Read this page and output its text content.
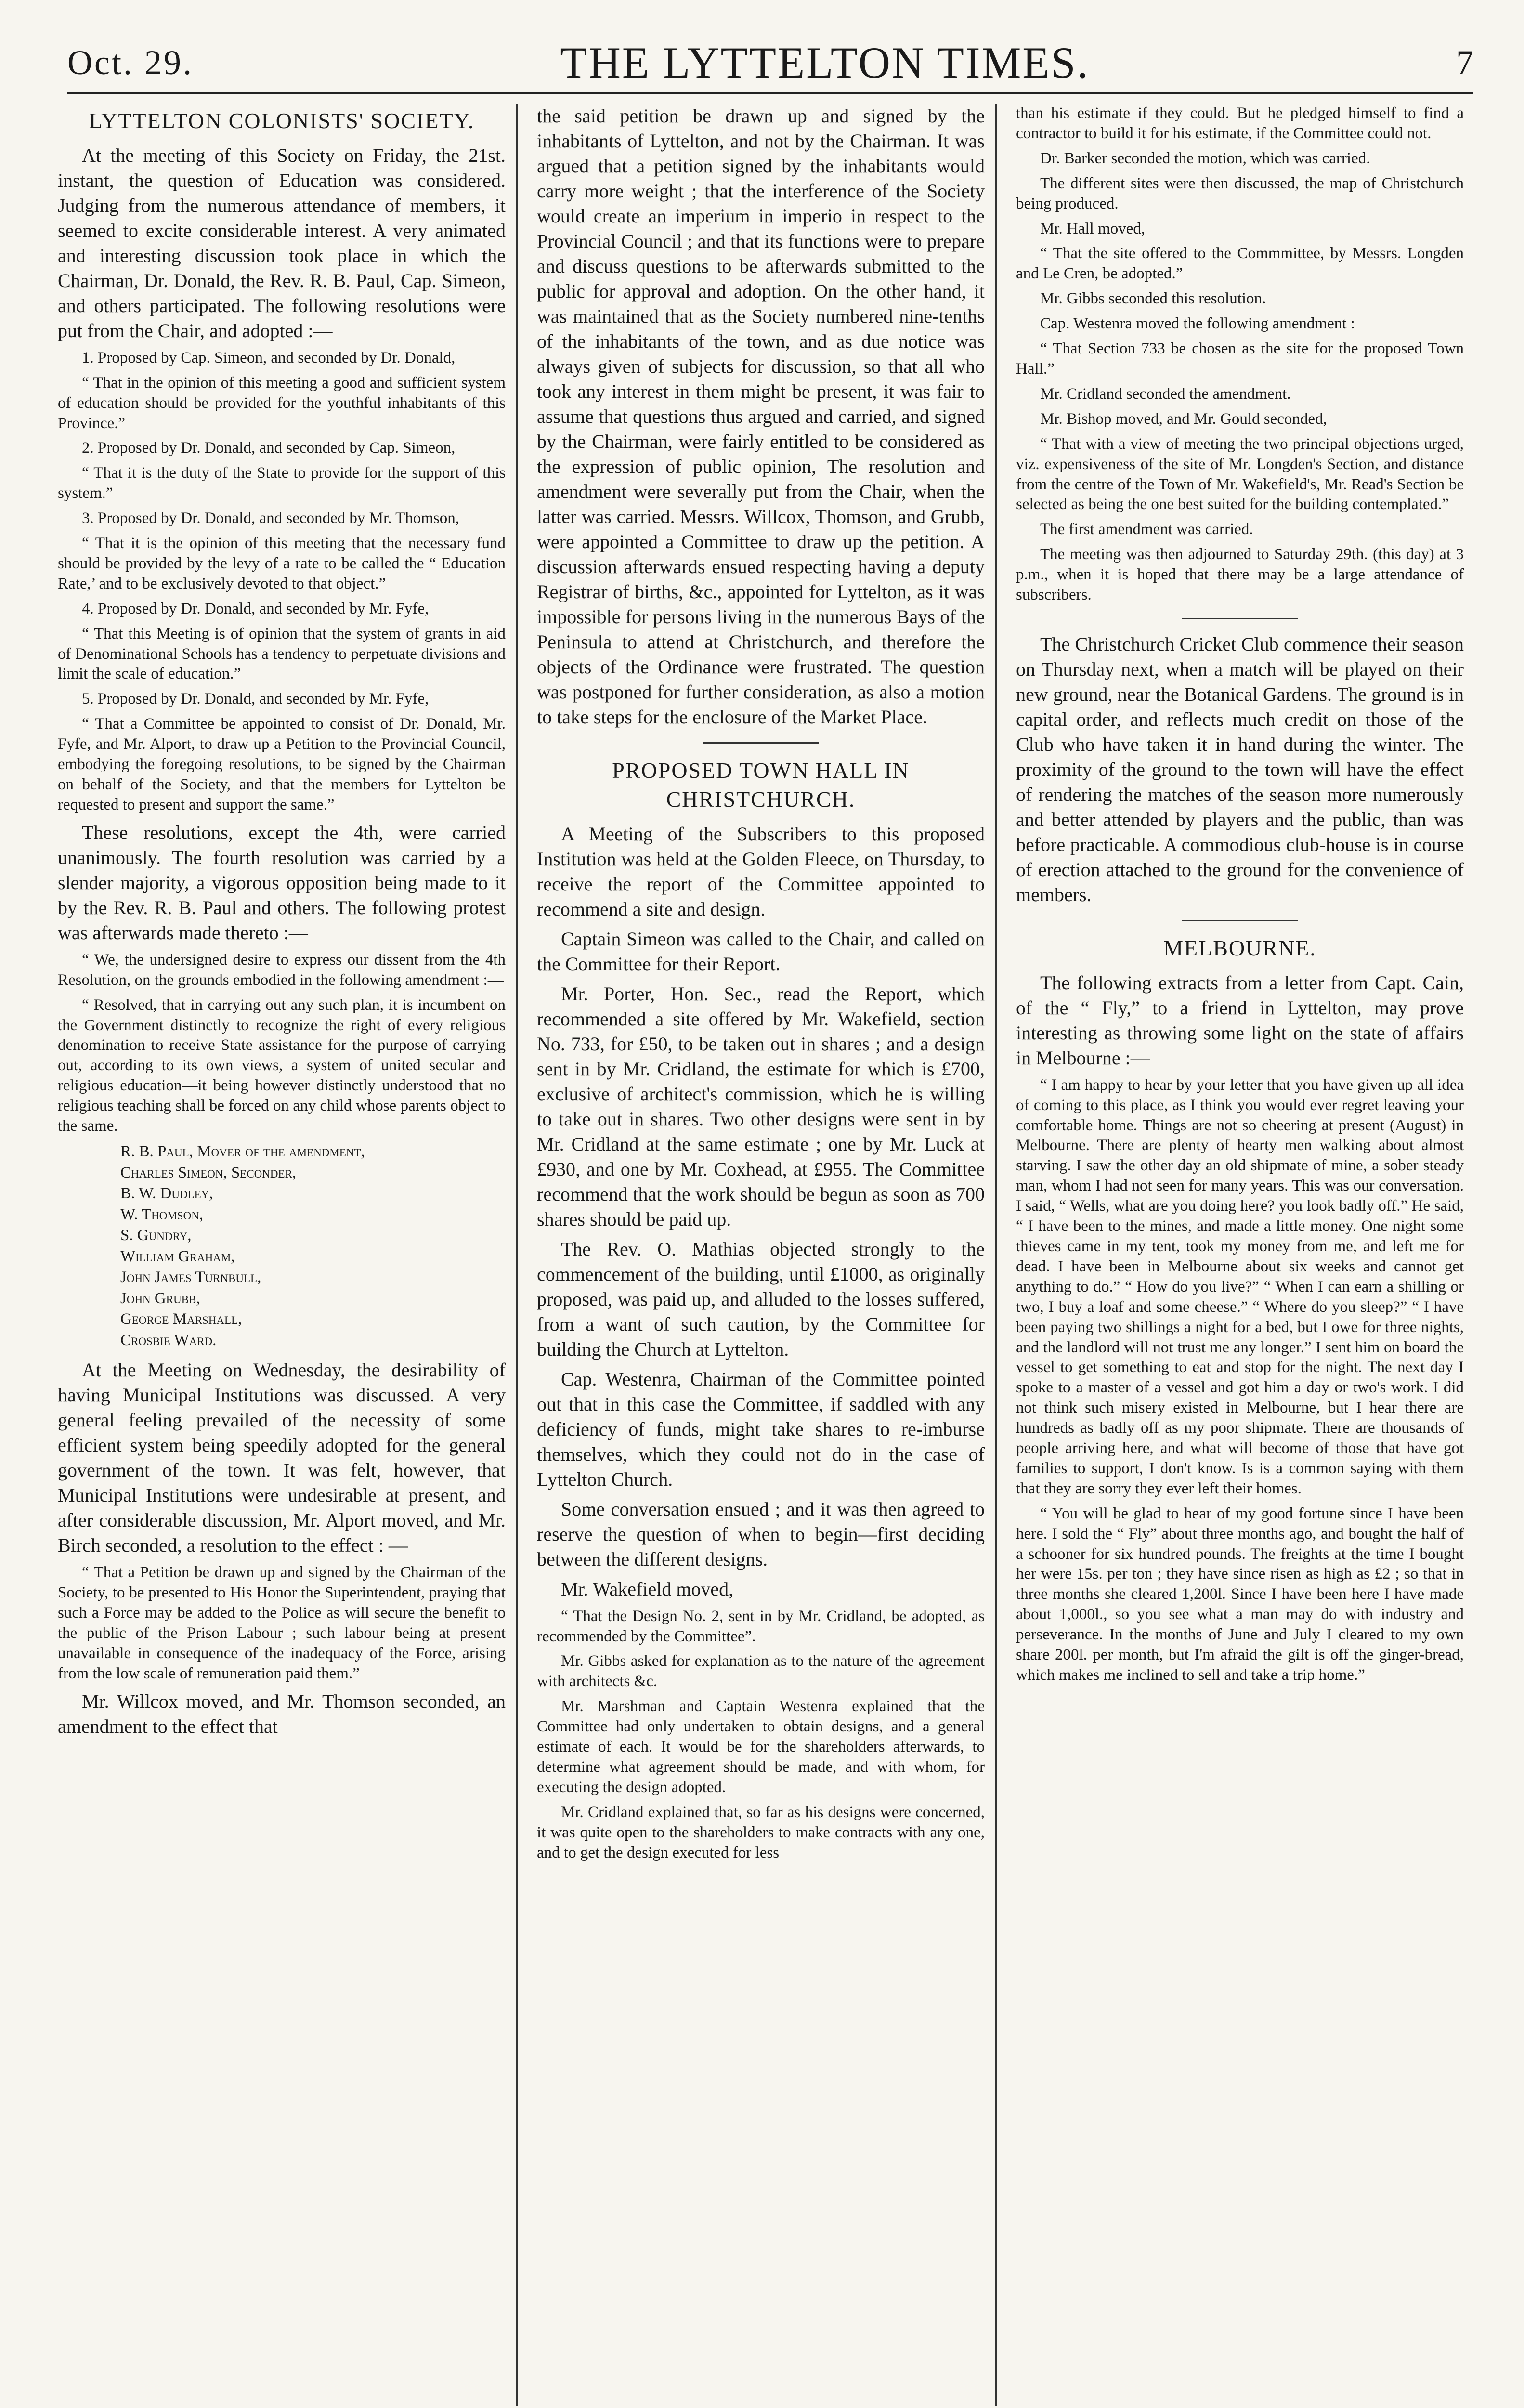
Oct. 29.	THE LYTTELTON TIMES.	7
LYTTELTON COLONISTS' SOCIETY.

At the meeting of this Society on Friday, the 21st. instant, the question of Education was considered. Judging from the numerous attendance of members, it seemed to excite considerable interest. A very animated and interesting discussion took place in which the Chairman, Dr. Donald, the Rev. R. B. Paul, Cap. Simeon, and others participated. The following resolutions were put from the Chair, and adopted :—

1. Proposed by Cap. Simeon, and seconded by Dr. Donald,

“ That in the opinion of this meeting a good and sufficient system of education should be provided for the youthful inhabitants of this Province.”

2. Proposed by Dr. Donald, and seconded by Cap. Simeon,

“ That it is the duty of the State to provide for the support of this system.”

3. Proposed by Dr. Donald, and seconded by Mr. Thomson,

“ That it is the opinion of this meeting that the necessary fund should be provided by the levy of a rate to be called the “ Education Rate,’ and to be exclusively devoted to that object.”

4. Proposed by Dr. Donald, and seconded by Mr. Fyfe,

“ That this Meeting is of opinion that the system of grants in aid of Denominational Schools has a tendency to perpetuate divisions and limit the scale of education.”

5. Proposed by Dr. Donald, and seconded by Mr. Fyfe,

“ That a Committee be appointed to consist of Dr. Donald, Mr. Fyfe, and Mr. Alport, to draw up a Petition to the Provincial Council, embodying the foregoing resolutions, to be signed by the Chairman on behalf of the Society, and that the members for Lyttelton be requested to present and support the same.”

These resolutions, except the 4th, were carried unanimously. The fourth resolution was carried by a slender majority, a vigorous opposition being made to it by the Rev. R. B. Paul and others. The following protest was afterwards made thereto :—

“ We, the undersigned desire to express our dissent from the 4th Resolution, on the grounds embodied in the following amendment :—

“ Resolved, that in carrying out any such plan, it is incumbent on the Government distinctly to recognize the right of every religious denomination to receive State assistance for the purpose of carrying out, according to its own views, a system of united secular and religious education—it being however distinctly understood that no religious teaching shall be forced on any child whose parents object to the same.

R. B. Paul, Mover of the amendment,
Charles Simeon, Seconder,
B. W. Dudley,
W. Thomson,
S. Gundry,
William Graham,
John James Turnbull,
John Grubb,
George Marshall,
Crosbie Ward.

At the Meeting on Wednesday, the desirability of having Municipal Institutions was discussed. A very general feeling prevailed of the necessity of some efficient system being speedily adopted for the general government of the town. It was felt, however, that Municipal Institutions were undesirable at present, and after considerable discussion, Mr. Alport moved, and Mr. Birch seconded, a resolution to the effect : —

“ That a Petition be drawn up and signed by the Chairman of the Society, to be presented to His Honor the Superintendent, praying that such a Force may be added to the Police as will secure the benefit to the public of the Prison Labour ; such labour being at present unavailable in consequence of the inadequacy of the Force, arising from the low scale of remuneration paid them.”

Mr. Willcox moved, and Mr. Thomson seconded, an amendment to the effect that

the said petition be drawn up and signed by the inhabitants of Lyttelton, and not by the Chairman. It was argued that a petition signed by the inhabitants would carry more weight ; that the interference of the Society would create an imperium in imperio in respect to the Provincial Council ; and that its functions were to prepare and discuss questions to be afterwards submitted to the public for approval and adoption. On the other hand, it was maintained that as the Society numbered nine-tenths of the inhabitants of the town, and as due notice was always given of subjects for discussion, so that all who took any interest in them might be present, it was fair to assume that questions thus argued and carried, and signed by the Chairman, were fairly entitled to be considered as the expression of public opinion, The resolution and amendment were severally put from the Chair, when the latter was carried. Messrs. Willcox, Thomson, and Grubb, were appointed a Committee to draw up the petition. A discussion afterwards ensued respecting having a deputy Registrar of births, &c., appointed for Lyttelton, as it was impossible for persons living in the numerous Bays of the Peninsula to attend at Christchurch, and therefore the objects of the Ordinance were frustrated. The question was postponed for further consideration, as also a motion to take steps for the enclosure of the Market Place.

PROPOSED TOWN HALL IN CHRISTCHURCH.

A Meeting of the Subscribers to this proposed Institution was held at the Golden Fleece, on Thursday, to receive the report of the Committee appointed to recommend a site and design.

Captain Simeon was called to the Chair, and called on the Committee for their Report.

Mr. Porter, Hon. Sec., read the Report, which recommended a site offered by Mr. Wakefield, section No. 733, for £50, to be taken out in shares ; and a design sent in by Mr. Cridland, the estimate for which is £700, exclusive of architect's commission, which he is willing to take out in shares. Two other designs were sent in by Mr. Cridland at the same estimate ; one by Mr. Luck at £930, and one by Mr. Coxhead, at £955. The Committee recommend that the work should be begun as soon as 700 shares should be paid up.

The Rev. O. Mathias objected strongly to the commencement of the building, until £1000, as originally proposed, was paid up, and alluded to the losses suffered, from a want of such caution, by the Committee for building the Church at Lyttelton.

Cap. Westenra, Chairman of the Committee pointed out that in this case the Committee, if saddled with any deficiency of funds, might take shares to re-imburse themselves, which they could not do in the case of Lyttelton Church.

Some conversation ensued ; and it was then agreed to reserve the question of when to begin—first deciding between the different designs.

Mr. Wakefield moved,

“ That the Design No. 2, sent in by Mr. Cridland, be adopted, as recommended by the Committee”.

Mr. Gibbs asked for explanation as to the nature of the agreement with architects &c.

Mr. Marshman and Captain Westenra explained that the Committee had only undertaken to obtain designs, and a general estimate of each. It would be for the shareholders afterwards, to determine what agreement should be made, and with whom, for executing the design adopted.

Mr. Cridland explained that, so far as his designs were concerned, it was quite open to the shareholders to make contracts with any one, and to get the design executed for less

than his estimate if they could. But he pledged himself to find a contractor to build it for his estimate, if the Committee could not.

Dr. Barker seconded the motion, which was carried.

The different sites were then discussed, the map of Christchurch being produced.

Mr. Hall moved,

“ That the site offered to the Commmittee, by Messrs. Longden and Le Cren, be adopted.”

Mr. Gibbs seconded this resolution.

Cap. Westenra moved the following amendment :

“ That Section 733 be chosen as the site for the proposed Town Hall.”

Mr. Cridland seconded the amendment.

Mr. Bishop moved, and Mr. Gould seconded,

“ That with a view of meeting the two principal objections urged, viz. expensiveness of the site of Mr. Longden's Section, and distance from the centre of the Town of Mr. Wakefield's, Mr. Read's Section be selected as being the one best suited for the building contemplated.”

The first amendment was carried.

The meeting was then adjourned to Saturday 29th. (this day) at 3 p.m., when it is hoped that there may be a large attendance of subscribers.

The Christchurch Cricket Club commence their season on Thursday next, when a match will be played on their new ground, near the Botanical Gardens. The ground is in capital order, and reflects much credit on those of the Club who have taken it in hand during the winter. The proximity of the ground to the town will have the effect of rendering the matches of the season more numerously and better attended by players and the public, than was before practicable. A commodious club-house is in course of erection attached to the ground for the convenience of members.

MELBOURNE.

The following extracts from a letter from Capt. Cain, of the “ Fly,” to a friend in Lyttelton, may prove interesting as throwing some light on the state of affairs in Melbourne :—

“ I am happy to hear by your letter that you have given up all idea of coming to this place, as I think you would ever regret leaving your comfortable home. Things are not so cheering at present (August) in Melbourne. There are plenty of hearty men walking about almost starving. I saw the other day an old shipmate of mine, a sober steady man, whom I had not seen for many years. This was our conversation. I said, “ Wells, what are you doing here? you look badly off.” He said, “ I have been to the mines, and made a little money. One night some thieves came in my tent, took my money from me, and left me for dead. I have been in Melbourne about six weeks and cannot get anything to do.” “ How do you live?” “ When I can earn a shilling or two, I buy a loaf and some cheese.” “ Where do you sleep?” “ I have been paying two shillings a night for a bed, but I owe for three nights, and the landlord will not trust me any longer.” I sent him on board the vessel to get something to eat and stop for the night. The next day I spoke to a master of a vessel and got him a day or two's work. I did not think such misery existed in Melbourne, but I hear there are hundreds as badly off as my poor shipmate. There are thousands of people arriving here, and what will become of those that have got families to support, I don't know. Is is a common saying with them that they are sorry they ever left their homes.

“ You will be glad to hear of my good fortune since I have been here. I sold the “ Fly” about three months ago, and bought the half of a schooner for six hundred pounds. The freights at the time I bought her were 15s. per ton ; they have since risen as high as £2 ; so that in three months she cleared 1,200l. Since I have been here I have made about 1,000l., so you see what a man may do with industry and perseverance. In the months of June and July I cleared to my own share 200l. per month, but I'm afraid the gilt is off the ginger-bread, which makes me inclined to sell and take a trip home.”
